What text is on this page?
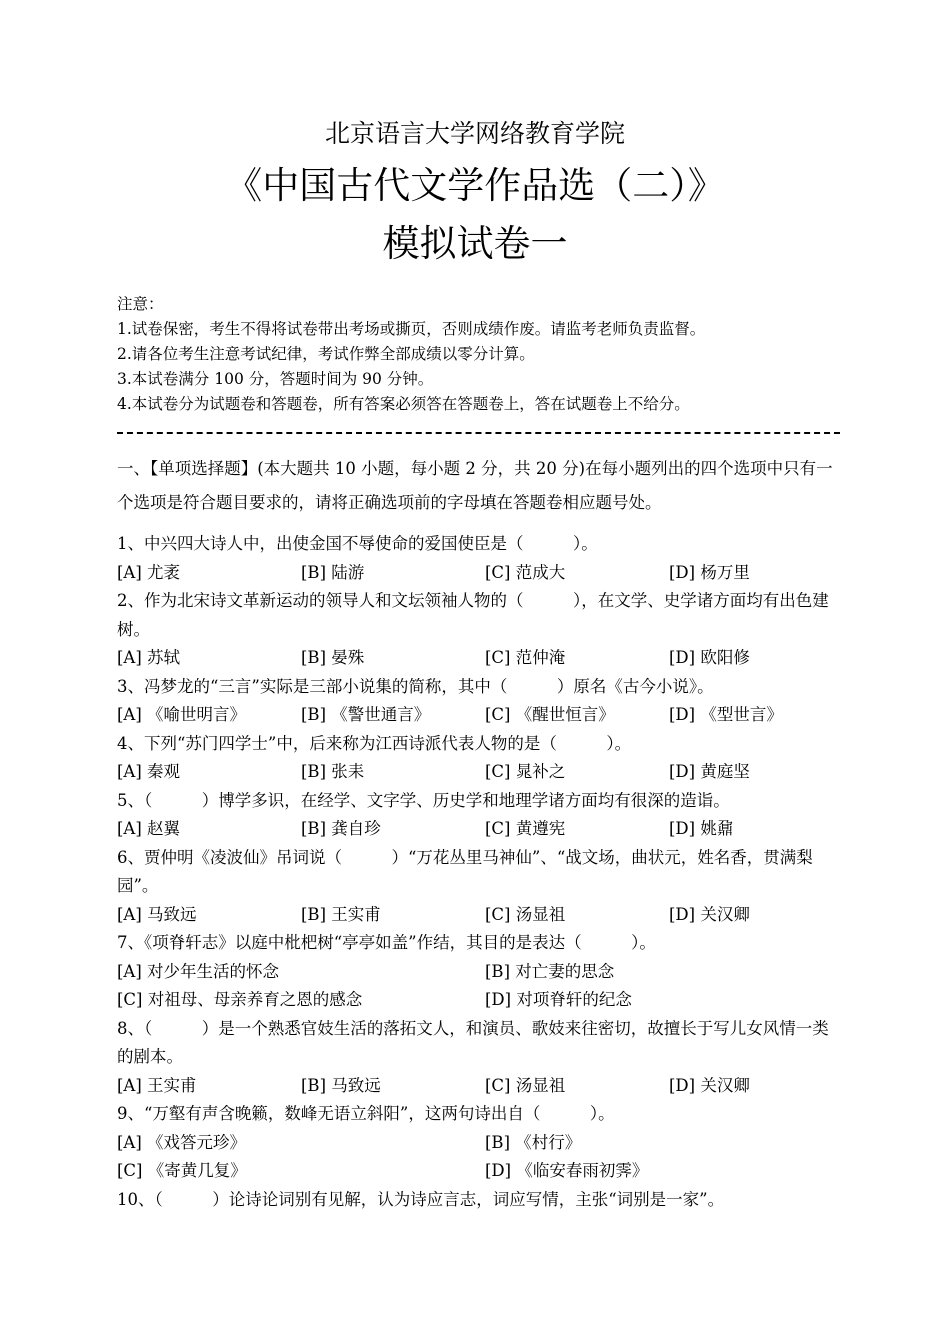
北京语言大学网络教育学院
《中国古代文学作品选（二）》
模拟试卷一
注意：
1.试卷保密，考生不得将试卷带出考场或撕页，否则成绩作废。请监考老师负责监督。
2.请各位考生注意考试纪律，考试作弊全部成绩以零分计算。
3.本试卷满分 100 分，答题时间为 90 分钟。
4.本试卷分为试题卷和答题卷，所有答案必须答在答题卷上，答在试题卷上不给分。
一、【单项选择题】(本大题共 10 小题，每小题 2 分，共 20 分)在每小题列出的四个选项中只有一个选项是符合题目要求的，请将正确选项前的字母填在答题卷相应题号处。
1、中兴四大诗人中，出使金国不辱使命的爱国使臣是（　　　）。
[A] 尤袤	[B] 陆游	[C] 范成大	[D] 杨万里
2、作为北宋诗文革新运动的领导人和文坛领袖人物的（　　　），在文学、史学诸方面均有出色建树。
[A] 苏轼	[B] 晏殊	[C] 范仲淹	[D] 欧阳修
3、冯梦龙的“三言”实际是三部小说集的简称，其中（　　　）原名《古今小说》。
[A] 《喻世明言》	[B] 《警世通言》	[C] 《醒世恒言》	[D] 《型世言》
4、下列“苏门四学士”中，后来称为江西诗派代表人物的是（　　　）。
[A] 秦观	[B] 张耒	[C] 晁补之	[D] 黄庭坚
5、（　　　）博学多识，在经学、文字学、历史学和地理学诸方面均有很深的造诣。
[A] 赵翼	[B] 龚自珍	[C] 黄遵宪	[D] 姚鼐
6、贾仲明《凌波仙》吊词说（　　　）“万花丛里马神仙”、“战文场，曲状元，姓名香，贯满梨园”。
[A] 马致远	[B] 王实甫	[C] 汤显祖	[D] 关汉卿
7、《项脊轩志》以庭中枇杷树“亭亭如盖”作结，其目的是表达（　　　）。
[A] 对少年生活的怀念	[B] 对亡妻的思念
[C] 对祖母、母亲养育之恩的感念	[D] 对项脊轩的纪念
8、（　　　）是一个熟悉官妓生活的落拓文人，和演员、歌妓来往密切，故擅长于写儿女风情一类的剧本。
[A] 王实甫	[B] 马致远	[C] 汤显祖	[D] 关汉卿
9、“万壑有声含晚籁，数峰无语立斜阳”，这两句诗出自（　　　）。
[A] 《戏答元珍》	[B] 《村行》
[C] 《寄黄几复》	[D] 《临安春雨初霁》
10、（　　　）论诗论词别有见解，认为诗应言志，词应写情，主张“词别是一家”。
